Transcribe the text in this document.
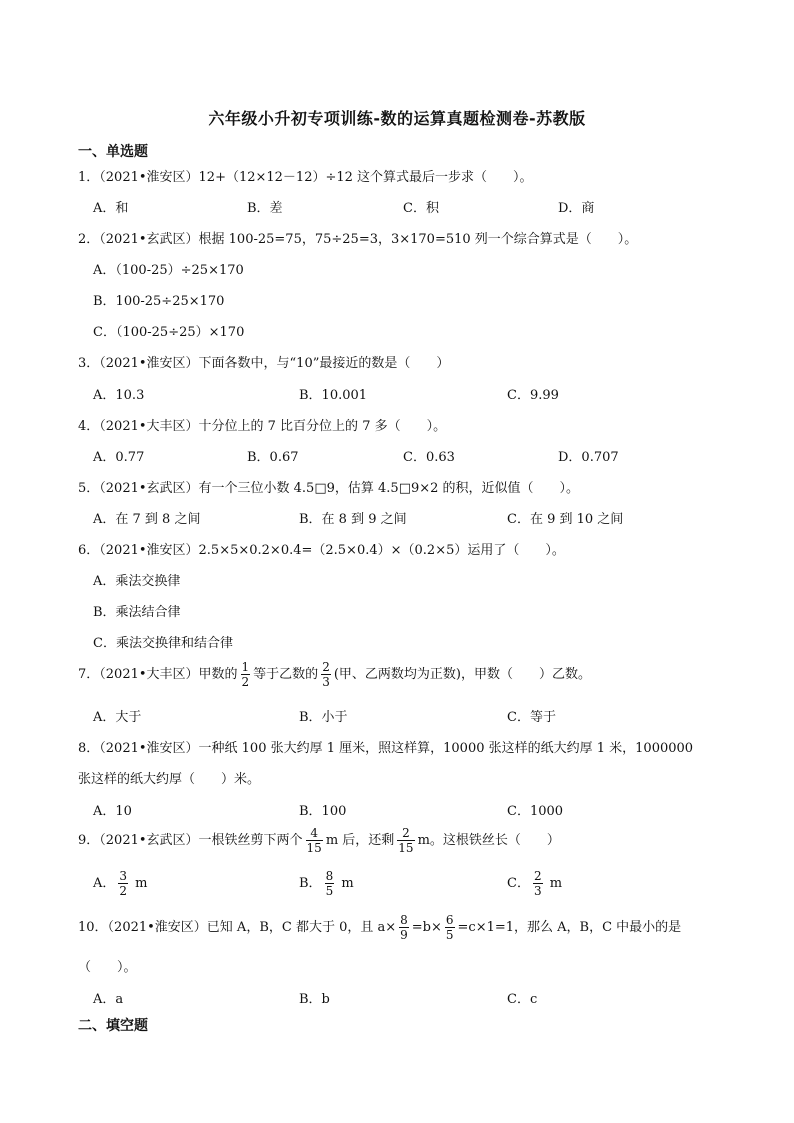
六年级小升初专项训练-数的运算真题检测卷-苏教版
一、单选题
1．（2021•淮安区）12+（12×12－12）÷12 这个算式最后一步求（　　）。
A．和	B．差	C．积	D．商
2．（2021•玄武区）根据 100-25=75，75÷25=3，3×170=510 列一个综合算式是（　　）。
A．（100-25）÷25×170
B．100-25÷25×170
C．（100-25÷25）×170
3．（2021•淮安区）下面各数中，与“10”最接近的数是（　　）
A．10.3	B．10.001	C．9.99
4．（2021•大丰区）十分位上的 7 比百分位上的 7 多（　　）。
A．0.77	B．0.67	C．0.63	D．0.707
5．（2021•玄武区）有一个三位小数 4.5□9，估算 4.5□9×2 的积，近似值（　　）。
A．在 7 到 8 之间	B．在 8 到 9 之间	C．在 9 到 10 之间
6．（2021•淮安区）2.5×5×0.2×0.4=（2.5×0.4）×（0.2×5）运用了（　　）。
A．乘法交换律
B．乘法结合律
C．乘法交换律和结合律
7．（2021•大丰区）甲数的 $\frac{1}{2}$ 等于乙数的 $\frac{2}{3}$ (甲、乙两数均为正数)，甲数（　　）乙数。
A．大于	B．小于	C．等于
8．（2021•淮安区）一种纸 100 张大约厚 1 厘米，照这样算，10000 张这样的纸大约厚 1 米，1000000
张这样的纸大约厚（　　）米。
A．10	B．100	C．1000
9．（2021•玄武区）一根铁丝剪下两个 $\frac{4}{15}$ m 后，还剩 $\frac{2}{15}$ m。这根铁丝长（　　）
A． $\frac{3}{2}$ m	B． $\frac{8}{5}$ m	C． $\frac{2}{3}$ m
10．（2021•淮安区）已知 A，B，C 都大于 0，且 $a\times \frac{8}{9} =b\times \frac{6}{5} =c\times 1=1$，那么 A，B，C 中最小的是
（　　）。
A．a	B．b	C．c
二、填空题
